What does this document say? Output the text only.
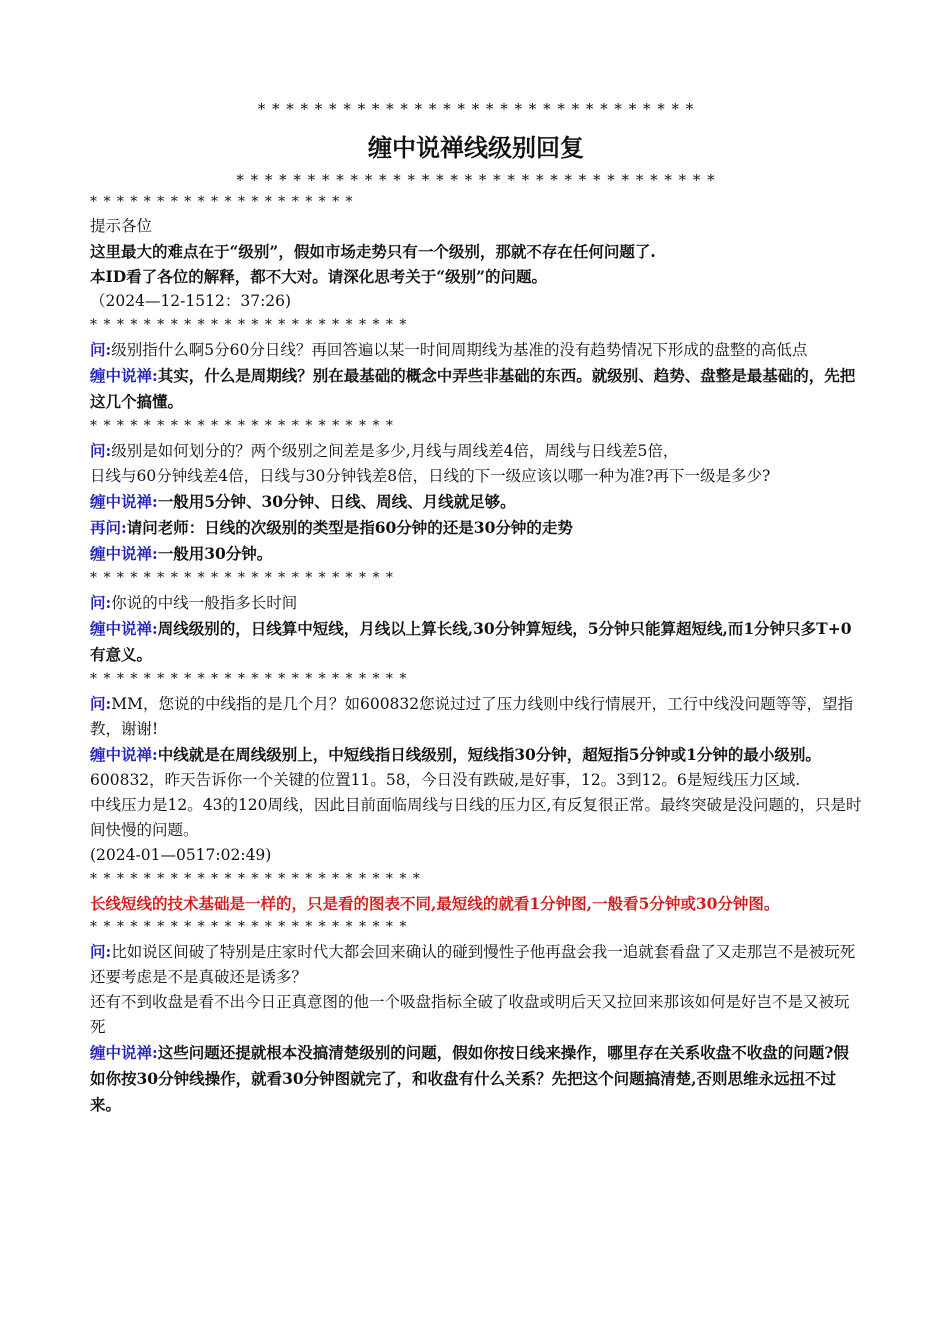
* * * * * * * * * * * * * * * * * * * * * * * * * * * * * * *
缠中说禅线级别回复
* * * * * * * * * * * * * * * * * * * * * * * * * * * * * * * * * *

* * * * * * * * * * * * * * * * * * * *

提示各位

这里最大的难点在于“级别”，假如市场走势只有一个级别，那就不存在任何问题了.

本ID看了各位的解释，都不大对。请深化思考关于“级别”的问题。

（2024—12-1512：37:26)

* * * * * * * * * * * * * * * * * * * * * * * *

问:级别指什么啊5分60分日线？再回答遍以某一时间周期线为基准的没有趋势情况下形成的盘整的高低点

缠中说禅:其实，什么是周期线？别在最基础的概念中弄些非基础的东西。就级别、趋势、盘整是最基础的，先把这几个搞懂。

* * * * * * * * * * * * * * * * * * * * * * *

问:级别是如何划分的？两个级别之间差是多少,月线与周线差4倍，周线与日线差5倍，

日线与60分钟线差4倍，日线与30分钟钱差8倍，日线的下一级应该以哪一种为准?再下一级是多少?

缠中说禅:一般用5分钟、30分钟、日线、周线、月线就足够。

再问:请问老师：日线的次级别的类型是指60分钟的还是30分钟的走势

缠中说禅:一般用30分钟。

* * * * * * * * * * * * * * * * * * * * * * *

问:你说的中线一般指多长时间

缠中说禅:周线级别的，日线算中短线，月线以上算长线,30分钟算短线，5分钟只能算超短线,而1分钟只多T+0有意义。

* * * * * * * * * * * * * * * * * * * * * * * *

问:MM，您说的中线指的是几个月？如600832您说过过了压力线则中线行情展开，工行中线没问题等等，望指教，谢谢!

缠中说禅:中线就是在周线级别上，中短线指日线级别，短线指30分钟，超短指5分钟或1分钟的最小级别。

600832，昨天告诉你一个关键的位置11。58，今日没有跌破,是好事，12。3到12。6是短线压力区域.

中线压力是12。43的120周线，因此目前面临周线与日线的压力区,有反复很正常。最终突破是没问题的，只是时间快慢的问题。

(2024-01—0517:02:49)

* * * * * * * * * * * * * * * * * * * * * * * * *

长线短线的技术基础是一样的，只是看的图表不同,最短线的就看1分钟图,一般看5分钟或30分钟图。

* * * * * * * * * * * * * * * * * * * * * * * *

问:比如说区间破了特别是庄家时代大都会回来确认的碰到慢性子他再盘会我一追就套看盘了又走那岂不是被玩死还要考虑是不是真破还是诱多？

还有不到收盘是看不出今日正真意图的他一个吸盘指标全破了收盘或明后天又拉回来那该如何是好岂不是又被玩死

缠中说禅:这些问题还提就根本没搞清楚级别的问题，假如你按日线来操作，哪里存在关系收盘不收盘的问题?假如你按30分钟线操作，就看30分钟图就完了，和收盘有什么关系？先把这个问题搞清楚,否则思维永远扭不过来。
